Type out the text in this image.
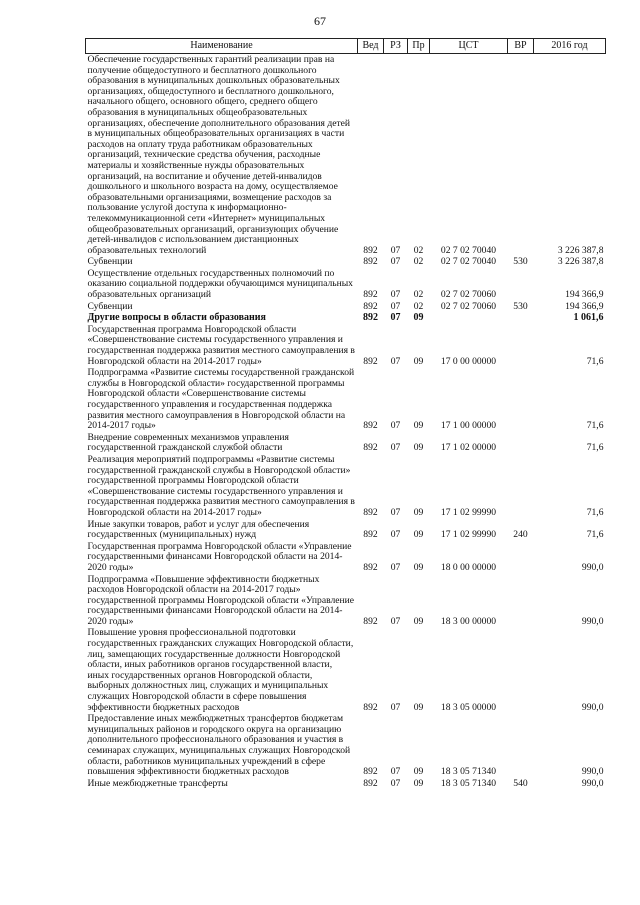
67
Наименование	Вед	РЗ	Пр	ЦСТ	ВР	2016 год
Обеспечение государственных гарантий реализации прав на получение общедоступного и бесплатного дошкольного образования в муниципальных дошкольных образовательных организациях, общедоступного и бесплатного дошкольного, начального общего, основного общего, среднего общего образования в муниципальных общеобразовательных организациях, обеспечение дополнительного образования детей в муниципальных общеобразовательных организациях в части расходов на оплату труда работникам образовательных организаций, технические средства обучения, расходные материалы и хозяйственные нужды образовательных организаций, на воспитание и обучение детей-инвалидов дошкольного и школьного возраста на дому, осуществляемое образовательными организациями, возмещение расходов за пользование услугой доступа к информационно-телекоммуникационной сети «Интернет» муниципальных общеобразовательных организаций, организующих обучение детей-инвалидов с использованием дистанционных образовательных технологий	892	07	02	02 7 02 70040		3 226 387,8
Субвенции	892	07	02	02 7 02 70040	530	3 226 387,8
Осуществление отдельных государственных полномочий по оказанию социальной поддержки обучающимся муниципальных образовательных организаций	892	07	02	02 7 02 70060		194 366,9
Субвенции	892	07	02	02 7 02 70060	530	194 366,9
Другие вопросы в области образования	892	07	09			1 061,6
Государственная программа Новгородской области «Совершенствование системы государственного управления и государственная поддержка развития местного самоуправления в Новгородской области на 2014-2017 годы»	892	07	09	17 0 00 00000		71,6
Подпрограмма «Развитие системы государственной гражданской службы в Новгородской области» государственной программы Новгородской области «Совершенствование системы государственного управления и государственная поддержка развития местного самоуправления в Новгородской области на 2014-2017 годы»	892	07	09	17 1 00 00000		71,6
Внедрение современных механизмов управления государственной гражданской службой области	892	07	09	17 1 02 00000		71,6
Реализация мероприятий подпрограммы «Развитие системы государственной гражданской службы в Новгородской области» государственной программы Новгородской области «Совершенствование системы государственного управления и государственная поддержка развития местного самоуправления в Новгородской области на 2014-2017 годы»	892	07	09	17 1 02 99990		71,6
Иные закупки товаров, работ и услуг для обеспечения государственных (муниципальных) нужд	892	07	09	17 1 02 99990	240	71,6
Государственная программа Новгородской области «Управление государственными финансами Новгородской области на 2014-2020 годы»	892	07	09	18 0 00 00000		990,0
Подпрограмма «Повышение эффективности бюджетных расходов Новгородской области на 2014-2017 годы» государственной программы Новгородской области «Управление государственными финансами Новгородской области на 2014-2020 годы»	892	07	09	18 3 00 00000		990,0
Повышение уровня профессиональной подготовки государственных гражданских служащих Новгородской области, лиц, замещающих государственные должности Новгородской области, иных работников органов государственной власти, иных государственных органов Новгородской области, выборных должностных лиц, служащих и муниципальных служащих Новгородской области в сфере повышения эффективности бюджетных расходов	892	07	09	18 3 05 00000		990,0
Предоставление иных межбюджетных трансфертов бюджетам муниципальных районов и городского округа на организацию дополнительного профессионального образования и участия в семинарах служащих, муниципальных служащих Новгородской области, работников муниципальных учреждений в сфере повышения эффективности бюджетных расходов	892	07	09	18 3 05 71340		990,0
Иные межбюджетные трансферты	892	07	09	18 3 05 71340	540	990,0
